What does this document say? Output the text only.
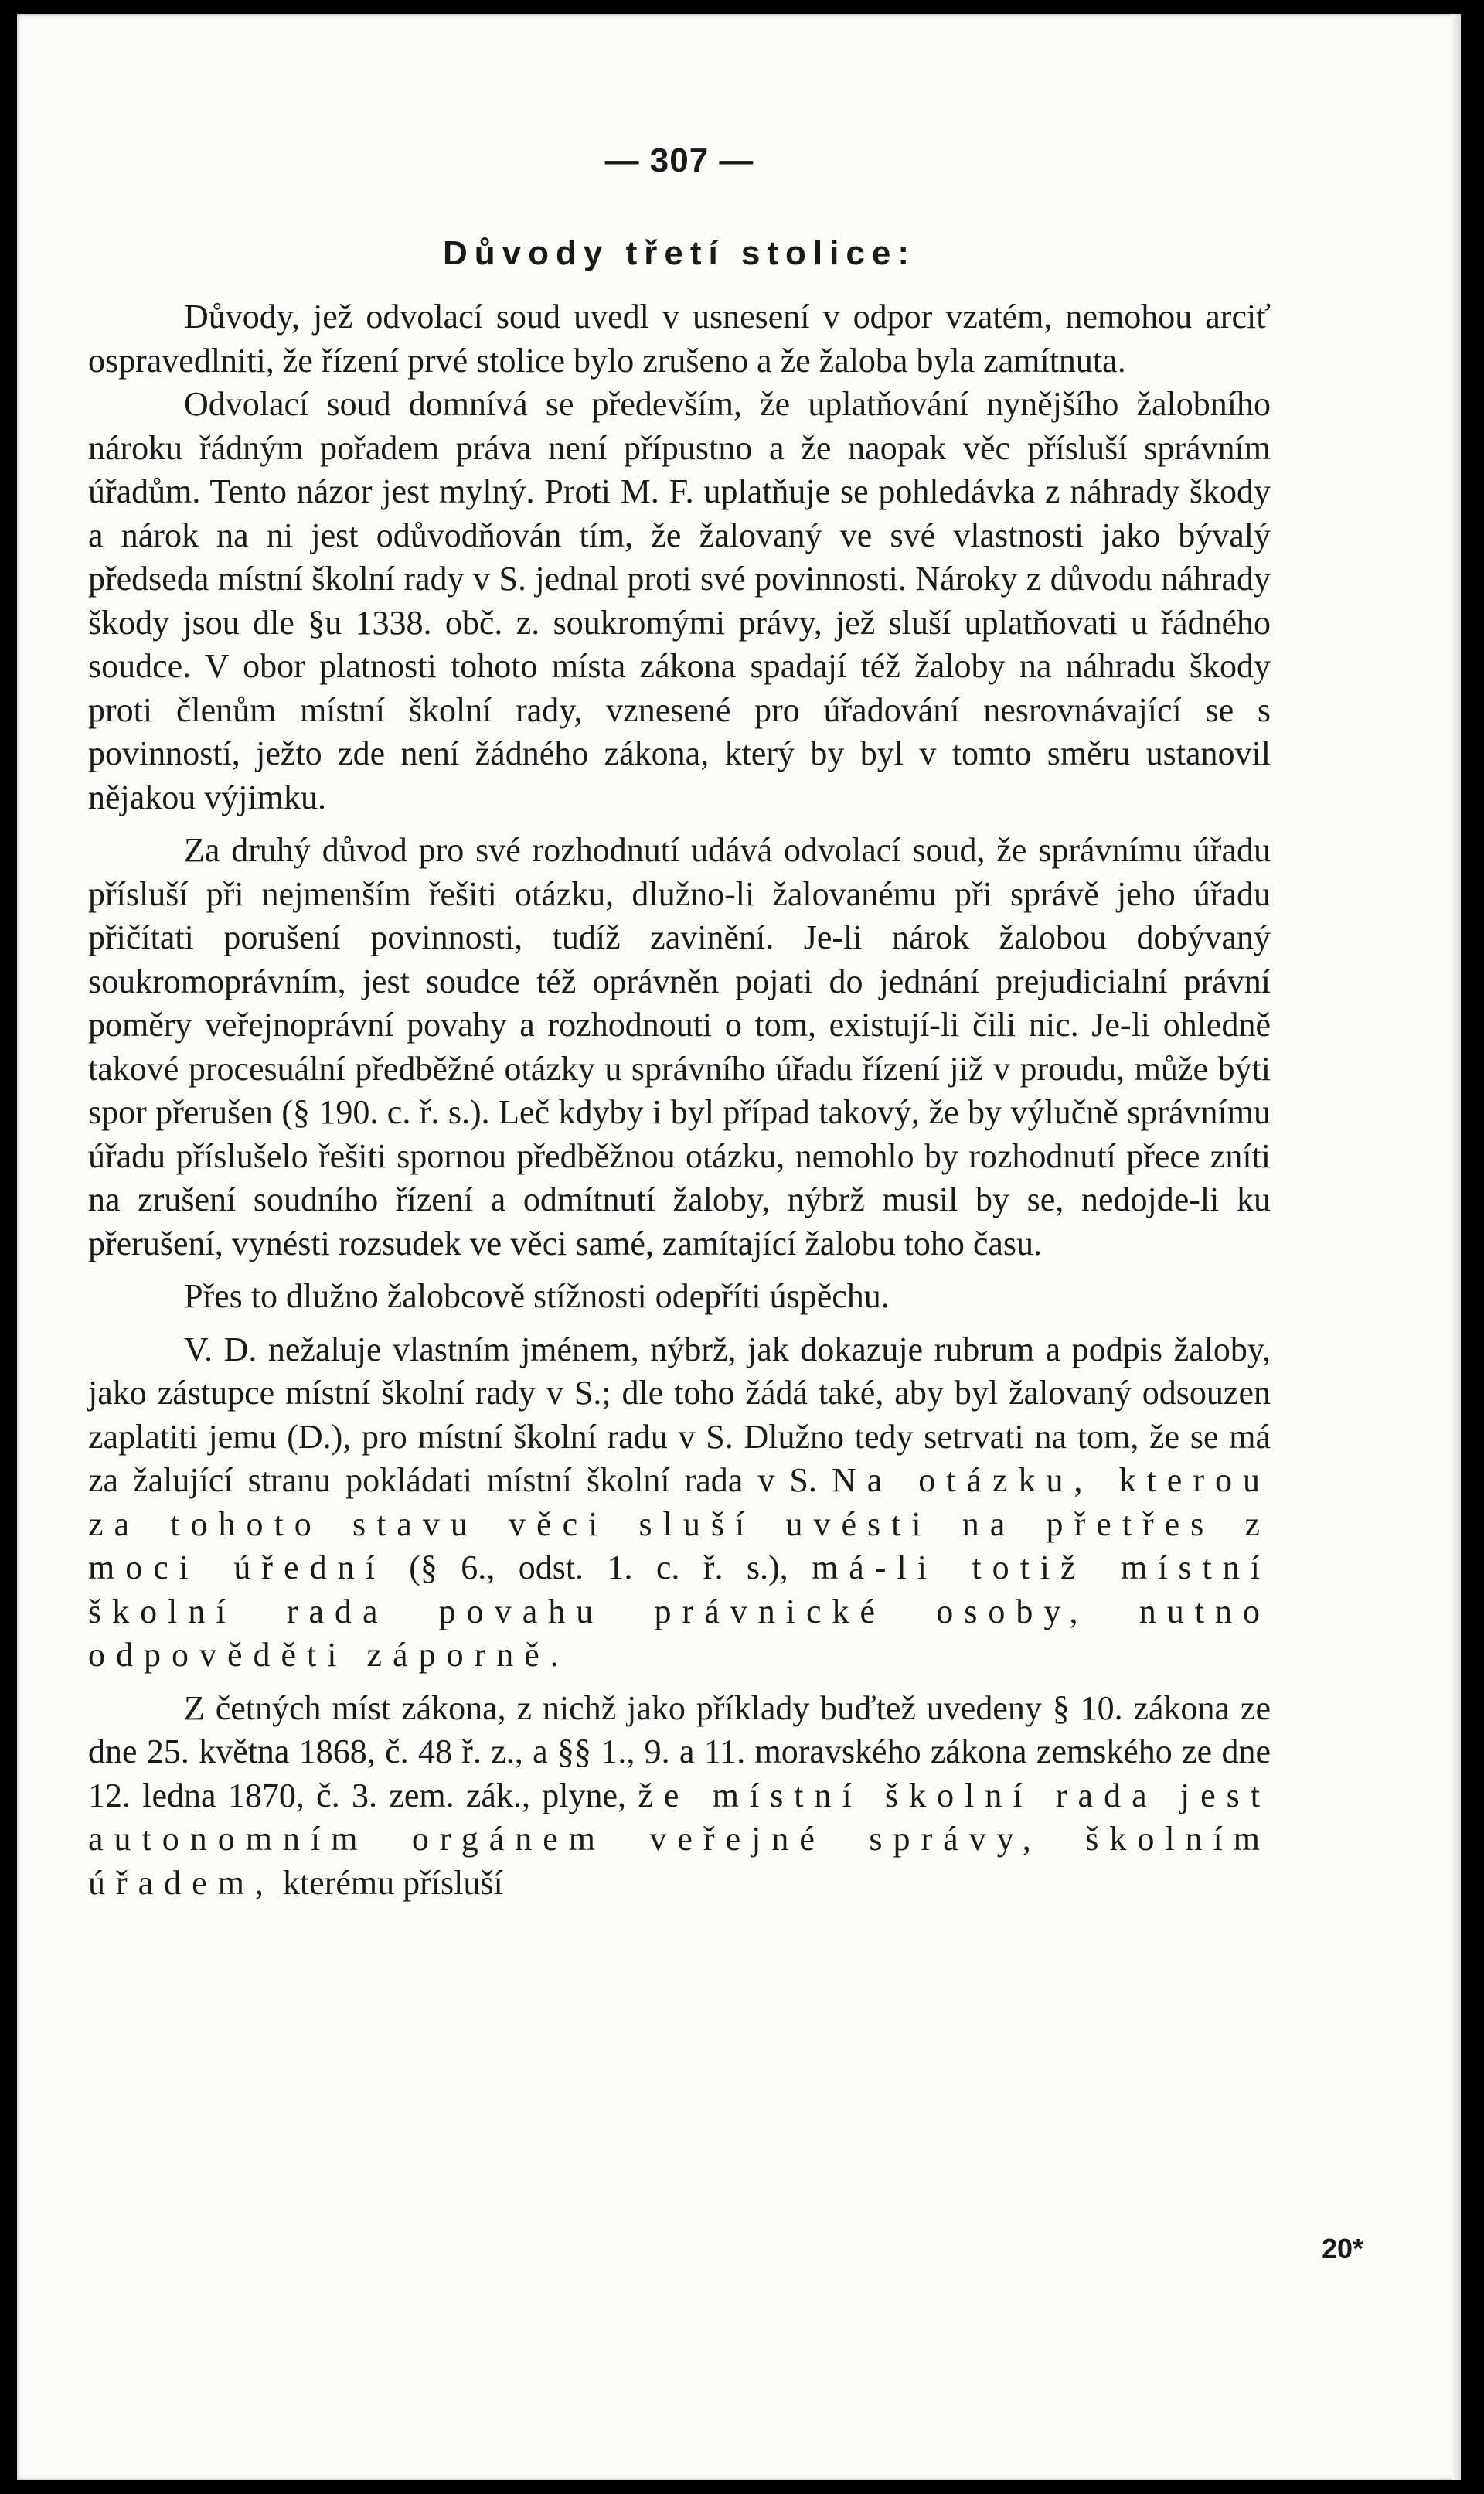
— 307 —
Důvody třetí stolice:

Důvody, jež odvolací soud uvedl v usnesení v odpor vzatém, nemohou arciť ospravedlniti, že řízení prvé stolice bylo zrušeno a že žaloba byla zamítnuta.

Odvolací soud domnívá se především, že uplatňování nynějšího žalobního nároku řádným pořadem práva není přípustno a že naopak věc přísluší správním úřadům. Tento názor jest mylný. Proti M. F. uplatňuje se pohledávka z náhrady škody a nárok na ni jest odůvodňován tím, že žalovaný ve své vlastnosti jako bývalý předseda místní školní rady v S. jednal proti své povinnosti. Nároky z důvodu náhrady škody jsou dle §u 1338. obč. z. soukromými právy, jež sluší uplatňovati u řádného soudce. V obor platnosti tohoto místa zákona spadají též žaloby na náhradu škody proti členům místní školní rady, vznesené pro úřadování nesrovnávající se s povinností, ježto zde není žádného zákona, který by byl v tomto směru ustanovil nějakou výjimku.

Za druhý důvod pro své rozhodnutí udává odvolací soud, že správnímu úřadu přísluší při nejmenším řešiti otázku, dlužno-li žalovanému při správě jeho úřadu přičítati porušení povinnosti, tudíž zavinění. Je-li nárok žalobou dobývaný soukromoprávním, jest soudce též oprávněn pojati do jednání prejudicialní právní poměry veřejnoprávní povahy a rozhodnouti o tom, existují-li čili nic. Je-li ohledně takové procesuální předběžné otázky u správního úřadu řízení již v proudu, může býti spor přerušen (§ 190. c. ř. s.). Leč kdyby i byl případ takový, že by výlučně správnímu úřadu příslušelo řešiti spornou předběžnou otázku, nemohlo by rozhodnutí přece zníti na zrušení soudního řízení a odmítnutí žaloby, nýbrž musil by se, nedojde-li ku přerušení, vynésti rozsudek ve věci samé, zamítající žalobu toho času.

Přes to dlužno žalobcově stížnosti odepříti úspěchu.

V. D. nežaluje vlastním jménem, nýbrž, jak dokazuje rubrum a podpis žaloby, jako zástupce místní školní rady v S.; dle toho žádá také, aby byl žalovaný odsouzen zaplatiti jemu (D.), pro místní školní radu v S. Dlužno tedy setrvati na tom, že se má za žalující stranu pokládati místní školní rada v S. Na otázku, kterou za tohoto stavu věci sluší uvésti na přetřes z moci úřední (§ 6., odst. 1. c. ř. s.), má-li totiž místní školní rada povahu právnické osoby, nutno odpověděti záporně.

Z četných míst zákona, z nichž jako příklady buďtež uvedeny § 10. zákona ze dne 25. května 1868, č. 48 ř. z., a §§ 1., 9. a 11. moravského zákona zemského ze dne 12. ledna 1870, č. 3. zem. zák., plyne, že místní školní rada jest autonomním orgánem veřejné správy, školním úřadem, kterému přísluší

20*
